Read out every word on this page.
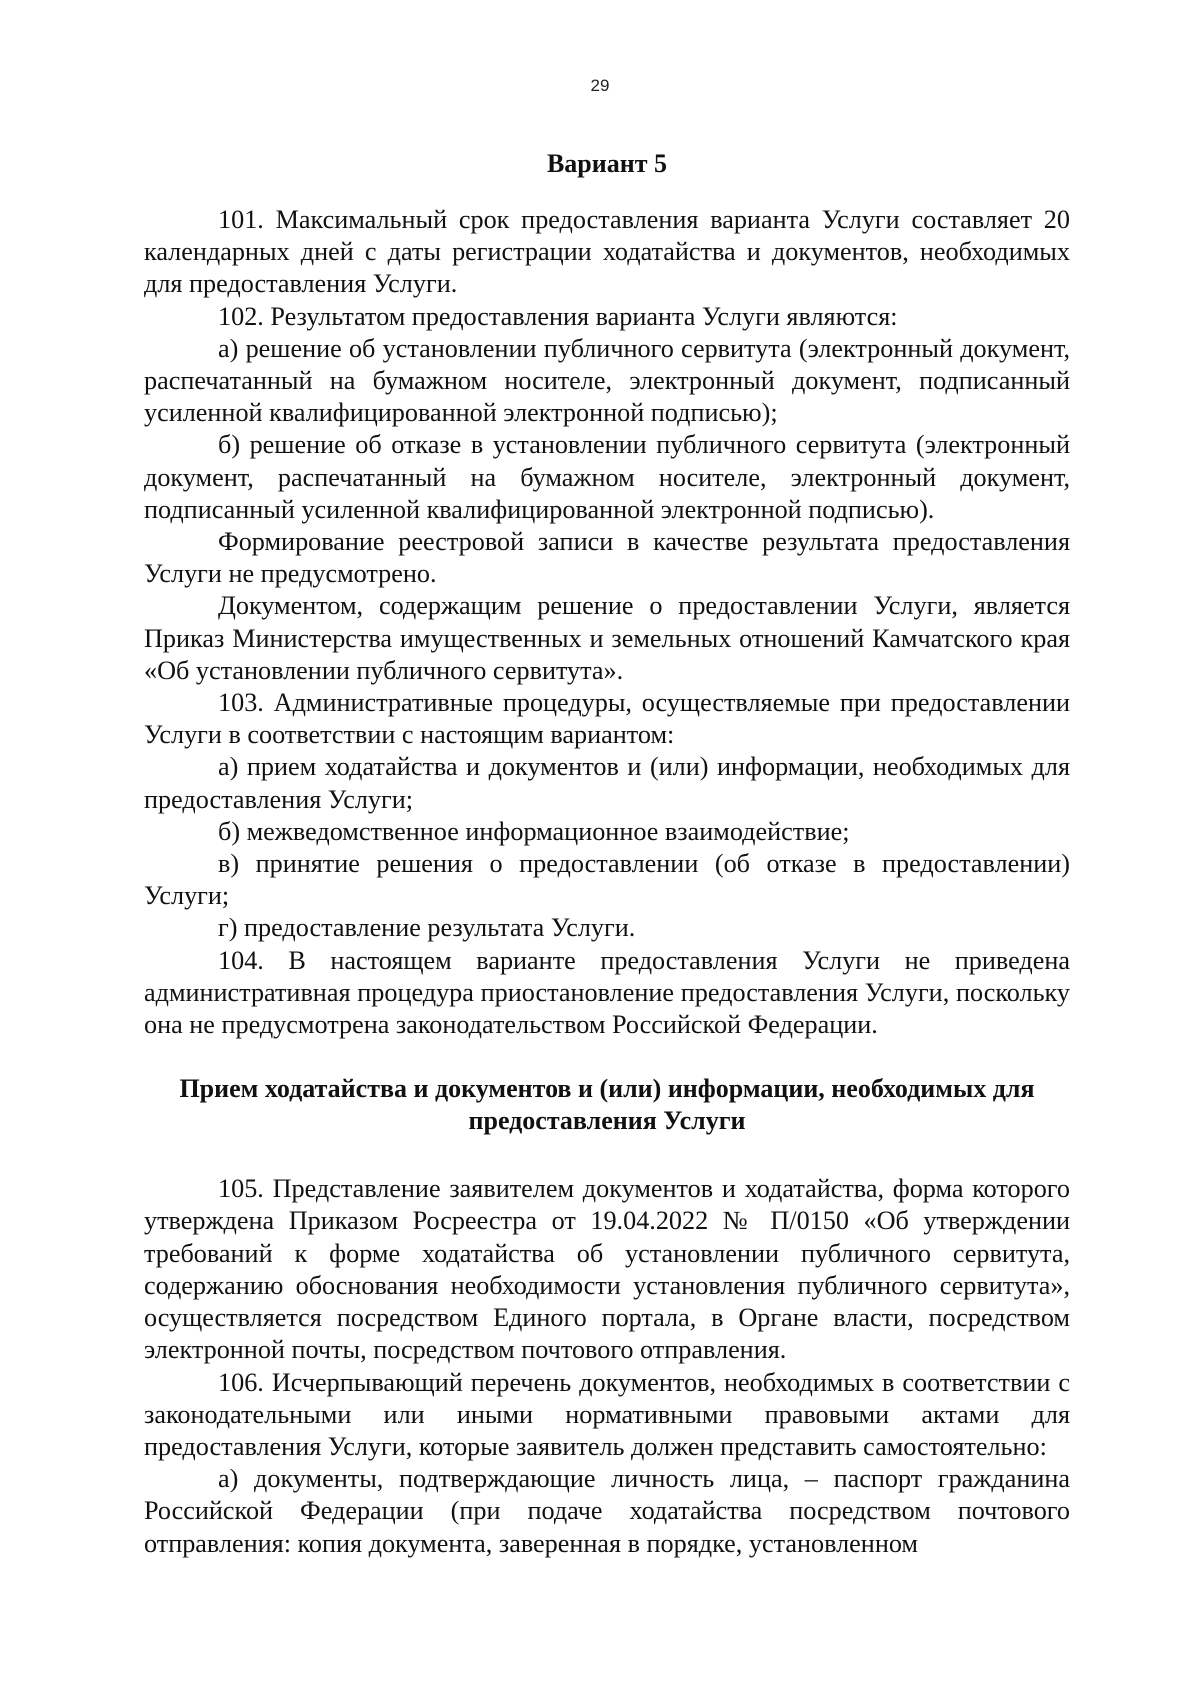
29
Вариант 5

101. Максимальный срок предоставления варианта Услуги составляет 20 календарных дней с даты регистрации ходатайства и документов, необходимых для предоставления Услуги.

102. Результатом предоставления варианта Услуги являются:

а) решение об установлении публичного сервитута (электронный документ, распечатанный на бумажном носителе, электронный документ, подписанный усиленной квалифицированной электронной подписью);

б) решение об отказе в установлении публичного сервитута (электронный документ, распечатанный на бумажном носителе, электронный документ, подписанный усиленной квалифицированной электронной подписью).

Формирование реестровой записи в качестве результата предоставления Услуги не предусмотрено.

Документом, содержащим решение о предоставлении Услуги, является Приказ Министерства имущественных и земельных отношений Камчатского края «Об установлении публичного сервитута».

103. Административные процедуры, осуществляемые при предоставлении Услуги в соответствии с настоящим вариантом:

а) прием ходатайства и документов и (или) информации, необходимых для предоставления Услуги;

б) межведомственное информационное взаимодействие;

в) принятие решения о предоставлении (об отказе в предоставлении) Услуги;

г) предоставление результата Услуги.

104. В настоящем варианте предоставления Услуги не приведена административная процедура приостановление предоставления Услуги, поскольку она не предусмотрена законодательством Российской Федерации.

Прием ходатайства и документов и (или) информации, необходимых для предоставления Услуги

105. Представление заявителем документов и ходатайства, форма которого утверждена Приказом Росреестра от 19.04.2022 № П/0150 «Об утверждении требований к форме ходатайства об установлении публичного сервитута, содержанию обоснования необходимости установления публичного сервитута», осуществляется посредством Единого портала, в Органе власти, посредством электронной почты, посредством почтового отправления.

106. Исчерпывающий перечень документов, необходимых в соответствии с законодательными или иными нормативными правовыми актами для предоставления Услуги, которые заявитель должен представить самостоятельно:

а) документы, подтверждающие личность лица, – паспорт гражданина Российской Федерации (при подаче ходатайства посредством почтового отправления: копия документа, заверенная в порядке, установленном
